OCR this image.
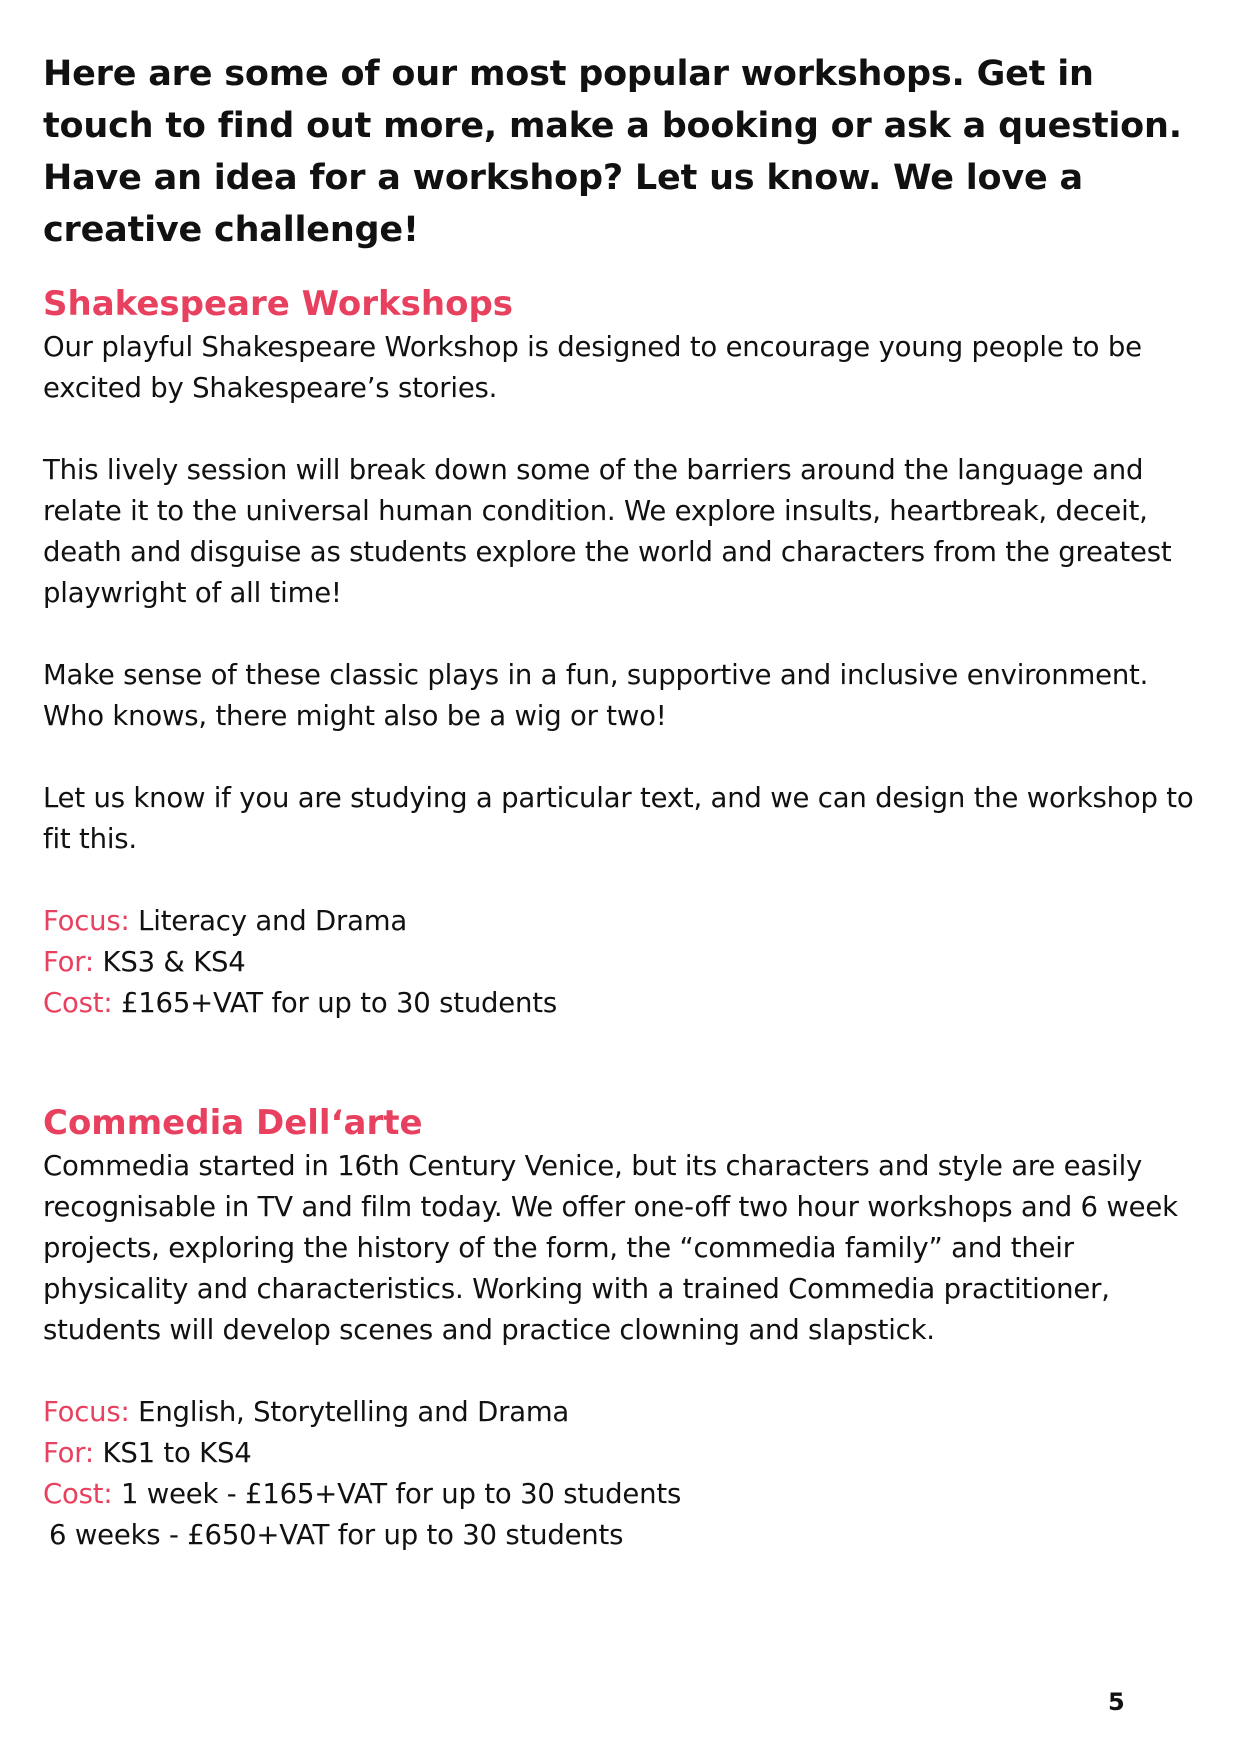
Here are some of our most popular workshops. Get in touch to find out more, make a booking or ask a question. Have an idea for a workshop? Let us know. We love a creative challenge!

Shakespeare Workshops

Our playful Shakespeare Workshop is designed to encourage young people to be excited by Shakespeare’s stories.

This lively session will break down some of the barriers around the language and relate it to the universal human condition. We explore insults, heartbreak, deceit, death and disguise as students explore the world and characters from the greatest playwright of all time!

Make sense of these classic plays in a fun, supportive and inclusive environment. Who knows, there might also be a wig or two!

Let us know if you are studying a particular text, and we can design the workshop to fit this.

Focus: Literacy and Drama

For: KS3 & KS4

Cost: £165+VAT for up to 30 students

Commedia Dell‘arte

Commedia started in 16th Century Venice, but its characters and style are easily recognisable in TV and film today. We offer one-off two hour workshops and 6 week projects, exploring the history of the form, the “commedia family” and their physicality and characteristics. Working with a trained Commedia practitioner, students will develop scenes and practice clowning and slapstick.

Focus: English, Storytelling and Drama

For: KS1 to KS4

Cost: 1 week - £165+VAT for up to 30 students

6 weeks - £650+VAT for up to 30 students

5
